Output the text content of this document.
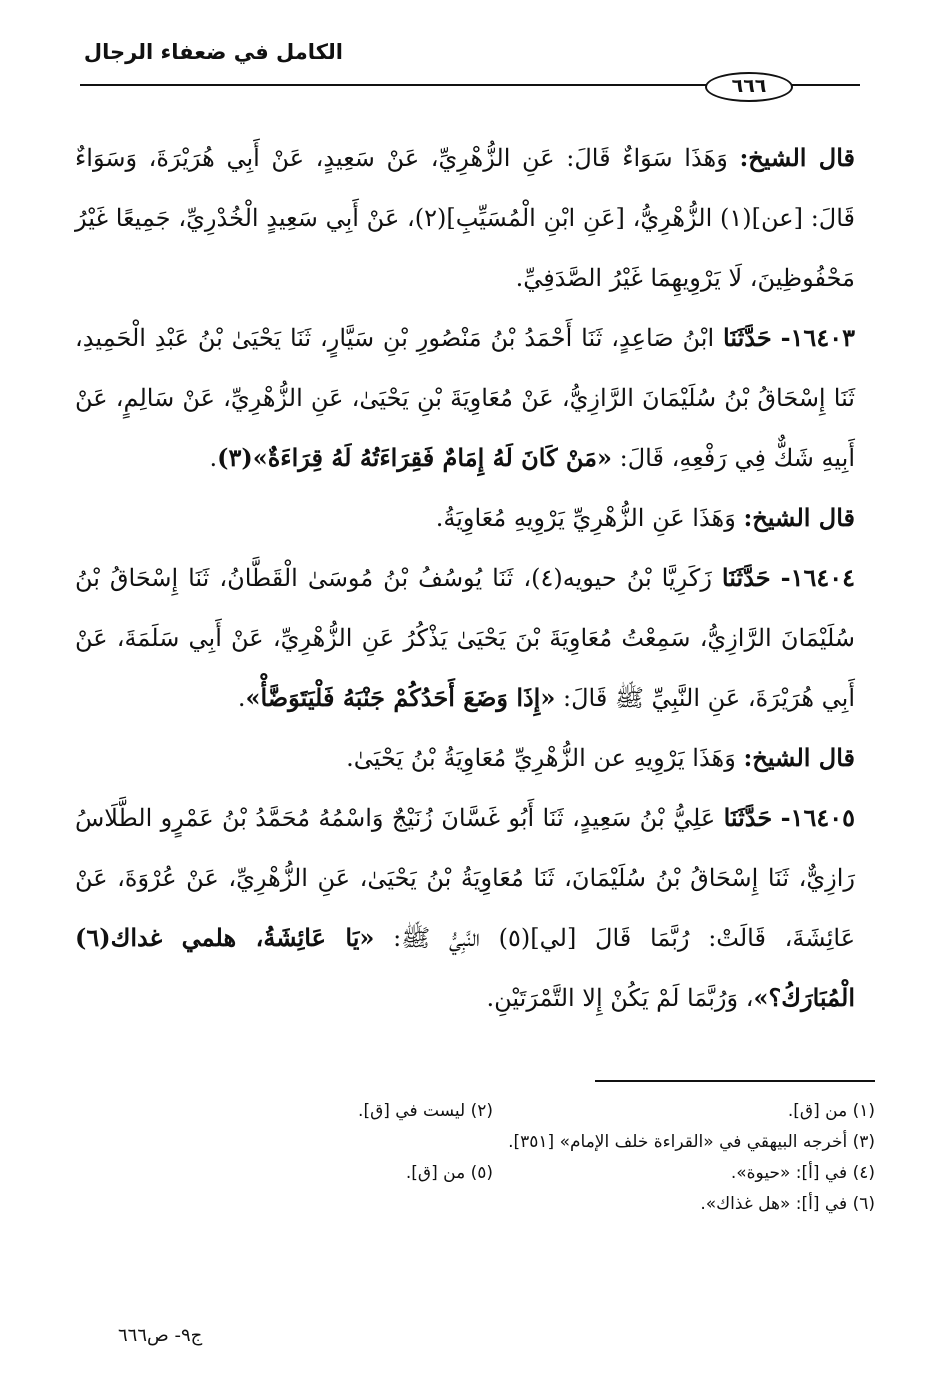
الكامل في ضعفاء الرجال
٦٦٦

قال الشيخ: وَهَذَا سَوَاءٌ قَالَ: عَنِ الزُّهْرِيِّ، عَنْ سَعِيدٍ، عَنْ أَبِي هُرَيْرَةَ، وَسَوَاءٌ قَالَ: [عن](١) الزُّهْرِيُّ، [عَنِ ابْنِ الْمُسَيِّبِ](٢)، عَنْ أَبِي سَعِيدٍ الْخُدْرِيِّ، جَمِيعًا غَيْرُ مَحْفُوظِينَ، لَا يَرْوِيهِمَا غَيْرُ الصَّدَفِيِّ.

١٦٤٠٣- حَدَّثَنَا ابْنُ صَاعِدٍ، ثَنَا أَحْمَدُ بْنُ مَنْصُورِ بْنِ سَيَّارٍ، ثَنَا يَحْيَىٰ بْنُ عَبْدِ الْحَمِيدِ، ثَنَا إِسْحَاقُ بْنُ سُلَيْمَانَ الرَّازِيُّ، عَنْ مُعَاوِيَةَ بْنِ يَحْيَىٰ، عَنِ الزُّهْرِيِّ، عَنْ سَالِمٍ، عَنْ أَبِيهِ شَكٌّ فِي رَفْعِهِ، قَالَ: «مَنْ كَانَ لَهُ إِمَامٌ فَقِرَاءَتُهُ لَهُ قِرَاءَةٌ»(٣).

قال الشيخ: وَهَذَا عَنِ الزُّهْرِيِّ يَرْوِيهِ مُعَاوِيَةُ.

١٦٤٠٤- حَدَّثَنَا زَكَرِيَّا بْنُ حيويه(٤)، ثَنَا يُوسُفُ بْنُ مُوسَىٰ الْقَطَّانُ، ثَنَا إِسْحَاقُ بْنُ سُلَيْمَانَ الرَّازِيُّ، سَمِعْتُ مُعَاوِيَةَ بْنَ يَحْيَىٰ يَذْكُرُ عَنِ الزُّهْرِيِّ، عَنْ أَبِي سَلَمَةَ، عَنْ أَبِي هُرَيْرَةَ، عَنِ النَّبِيِّ ﷺ قَالَ: «إِذَا وَضَعَ أَحَدُكُمْ جَنْبَهُ فَلْيَتَوَضَّأْ».

قال الشيخ: وَهَذَا يَرْوِيهِ عن الزُّهْرِيِّ مُعَاوِيَةُ بْنُ يَحْيَىٰ.

١٦٤٠٥- حَدَّثَنَا عَلِيُّ بْنُ سَعِيدٍ، ثَنَا أَبُو غَسَّانَ زُنَيْجٌ وَاسْمُهُ مُحَمَّدُ بْنُ عَمْرٍو الطَّلَاسُ رَازِيٌّ، ثَنَا إِسْحَاقُ بْنُ سُلَيْمَانَ، ثَنَا مُعَاوِيَةُ بْنُ يَحْيَىٰ، عَنِ الزُّهْرِيِّ، عَنْ عُرْوَةَ، عَنْ عَائِشَةَ، قَالَتْ: رُبَّمَا قَالَ [لي](٥) النَّبِيُّ ﷺ: «يَا عَائِشَةُ، هلمي غداك(٦) الْمُبَارَكُ؟»، وَرُبَّمَا لَمْ يَكُنْ إِلا التَّمْرَتَيْنِ.

(١) من [ق].
(٢) ليست في [ق].
(٣) أخرجه البيهقي في «القراءة خلف الإمام» [٣٥١].
(٤) في [أ]: «حيوة».
(٥) من [ق].
(٦) في [أ]: «هل غذاك».
ج٩- ص٦٦٦
